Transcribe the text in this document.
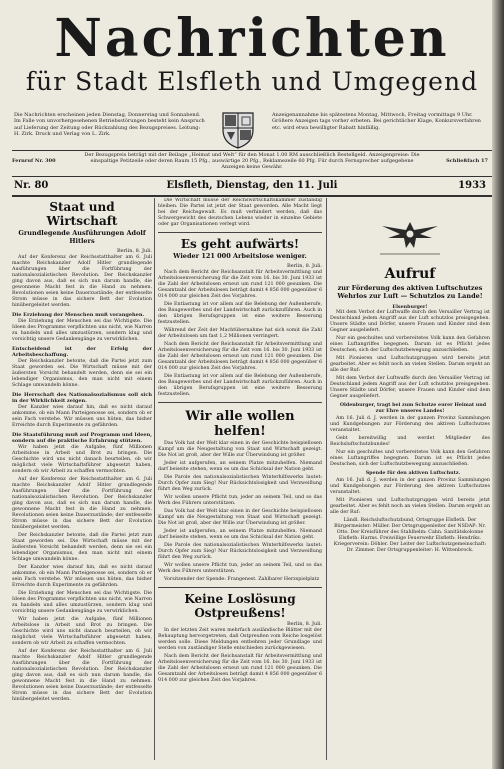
Nachrichten
für Stadt Elsfleth und Umgegend
Die Nachrichten erscheinen jeden Dienstag, Donnerstag und Sonnabend. Im Falle von unvorhergesehenen Betriebsstörungen besteht kein Anspruch auf Lieferung der Zeitung oder Rückzahlung des Bezugspreises. Leitung: H. Zirk. Druck und Verlag von L. Zirk.
Anzeigenannahme bis spätestens Montag, Mittwoch, Freitag vormittags 9 Uhr. Größere Anzeigen tags vorher erbeten. Bei gerichtlicher Klage, Konkursverfahren etc. wird etwa bewilligter Rabatt hinfällig.
Fernruf Nr. 300
Der Bezugspreis beträgt mit der Beilage „Heimat und Welt“ für den Monat 1.00 RM ausschließlich Bestellgeld. Anzeigenpreise: Die einspaltige Petitzeile oder deren Raum 15 Pfg., auswärtige 20 Pfg., Reklamezeile 60 Pfg. Für durch Fernsprecher aufgegebene Anzeigen keine Gewähr.
Schließfach 17
Nr. 80	Elsfleth, Dienstag, den 11. Juli	1933
Staat und Wirtschaft
Grundlegende Ausführungen Adolf Hitlers
Berlin, 8. Juli.

Auf der Konferenz der Reichsstatthalter am 6. Juli machte Reichskanzler Adolf Hitler grundlegende Ausführungen über die Fortführung der nationalsozialistischen Revolution. Der Reichskanzler ging davon aus, daß es sich nun darum handle, die gewonnene Macht fest in die Hand zu nehmen. Revolutionen seien keine Dauerzustände; der entfesselte Strom müsse in das sichere Bett der Evolution hinübergeleitet werden.

Die Erziehung der Menschen muß vorangehen.

Die Erziehung der Menschen sei das Wichtigste. Die Ideen des Programms verpflichten uns nicht, wie Narren zu handeln und alles umzustürzen, sondern klug und vorsichtig unsere Gedankengänge zu verwirklichen.

Entscheidend ist der Erfolg der Arbeitsbeschaffung.

Der Reichskanzler betonte, daß die Partei jetzt zum Staat geworden sei. Die Wirtschaft müsse mit der äußersten Vorsicht behandelt werden, denn sie sei ein lebendiger Organismus, den man nicht mit einem Schlage umwandeln könne.

Die Herrschaft des Nationalsozialismus soll sich in der Wirklichkeit zeigen.

Der Kanzler wies darauf hin, daß es nicht darauf ankomme, ob ein Mann Parteigenosse sei, sondern ob er sein Fach verstehe. Wir müssen uns hüten, das bisher Erreichte durch Experimente zu gefährden.

Die Staatsführung muß auf Programm und Ideen, sondern auf die praktische Erfahrung stützen.

Wir haben jetzt die Aufgabe, fünf Millionen Arbeitslose in Arbeit und Brot zu bringen. Die Geschichte wird uns nicht danach beurteilen, ob wir möglichst viele Wirtschaftsführer abgesetzt haben, sondern ob wir Arbeit zu schaffen vermochten.

Auf der Konferenz der Reichsstatthalter am 6. Juli machte Reichskanzler Adolf Hitler grundlegende Ausführungen über die Fortführung der nationalsozialistischen Revolution. Der Reichskanzler ging davon aus, daß es sich nun darum handle, die gewonnene Macht fest in die Hand zu nehmen. Revolutionen seien keine Dauerzustände; der entfesselte Strom müsse in das sichere Bett der Evolution hinübergeleitet werden.

Der Reichskanzler betonte, daß die Partei jetzt zum Staat geworden sei. Die Wirtschaft müsse mit der äußersten Vorsicht behandelt werden, denn sie sei ein lebendiger Organismus, den man nicht mit einem Schlage umwandeln könne.

Der Kanzler wies darauf hin, daß es nicht darauf ankomme, ob ein Mann Parteigenosse sei, sondern ob er sein Fach verstehe. Wir müssen uns hüten, das bisher Erreichte durch Experimente zu gefährden.

Die Erziehung der Menschen sei das Wichtigste. Die Ideen des Programms verpflichten uns nicht, wie Narren zu handeln und alles umzustürzen, sondern klug und vorsichtig unsere Gedankengänge zu verwirklichen.

Wir haben jetzt die Aufgabe, fünf Millionen Arbeitslose in Arbeit und Brot zu bringen. Die Geschichte wird uns nicht danach beurteilen, ob wir möglichst viele Wirtschaftsführer abgesetzt haben, sondern ob wir Arbeit zu schaffen vermochten.

Auf der Konferenz der Reichsstatthalter am 6. Juli machte Reichskanzler Adolf Hitler grundlegende Ausführungen über die Fortführung der nationalsozialistischen Revolution. Der Reichskanzler ging davon aus, daß es sich nun darum handle, die gewonnene Macht fest in die Hand zu nehmen. Revolutionen seien keine Dauerzustände; der entfesselte Strom müsse in das sichere Bett der Evolution hinübergeleitet werden.

Die Wirtschaft müsse der Reichswirtschaftskammer zuständig bleiben. Die Partei ist jetzt der Staat geworden. Alle Macht liegt bei der Reichsgewalt. Es muß verhindert werden, daß das Schwergewicht des deutschen Lebens wieder in einzelne Gebiete oder gar Organisationen verlegt wird.

Es geht aufwärts!
Wieder 121 000 Arbeitslose weniger.
Berlin, 8. Juli.

Nach dem Bericht der Reichsanstalt für Arbeitsvermittlung und Arbeitslosenversicherung für die Zeit vom 16. bis 30. Juni 1933 ist die Zahl der Arbeitslosen erneut um rund 121 000 gesunken. Die Gesamtzahl der Arbeitslosen beträgt damit 4 856 000 gegenüber 6 014 000 zur gleichen Zeit des Vorjahres.

Die Entlastung ist vor allem auf die Belebung der Außenberufe, des Baugewerbes und der Landwirtschaft zurückzuführen. Auch in den übrigen Berufsgruppen ist eine weitere Besserung festzustellen.

Während der Zeit der Machtübernahme hat sich somit die Zahl der Arbeitslosen um fast 1,2 Millionen verringert.

Nach dem Bericht der Reichsanstalt für Arbeitsvermittlung und Arbeitslosenversicherung für die Zeit vom 16. bis 30. Juni 1933 ist die Zahl der Arbeitslosen erneut um rund 121 000 gesunken. Die Gesamtzahl der Arbeitslosen beträgt damit 4 856 000 gegenüber 6 014 000 zur gleichen Zeit des Vorjahres.

Die Entlastung ist vor allem auf die Belebung der Außenberufe, des Baugewerbes und der Landwirtschaft zurückzuführen. Auch in den übrigen Berufsgruppen ist eine weitere Besserung festzustellen.

Wir alle wollen helfen!

Das Volk hat der Welt klar einen in der Geschichte beispiellosen Kampf um die Neugestaltung von Staat und Wirtschaft gezeigt. Die Not ist groß, aber der Wille zur Überwindung ist größer.

Jeder ist aufgerufen, an seinem Platze mitzuhelfen. Niemand darf beiseite stehen, wenn es um das Schicksal der Nation geht.

Die Parole des nationalsozialistischen Winterhilfswerks lautet: Durch Opfer zum Sieg! Nur Rücksichtslosigkeit und Verzweiflung führt den Weg zurück.

Wir wollen unsere Pflicht tun, jeder an seinem Teil, und so das Werk des Führers unterstützen.

Das Volk hat der Welt klar einen in der Geschichte beispiellosen Kampf um die Neugestaltung von Staat und Wirtschaft gezeigt. Die Not ist groß, aber der Wille zur Überwindung ist größer.

Jeder ist aufgerufen, an seinem Platze mitzuhelfen. Niemand darf beiseite stehen, wenn es um das Schicksal der Nation geht.

Die Parole des nationalsozialistischen Winterhilfswerks lautet: Durch Opfer zum Sieg! Nur Rücksichtslosigkeit und Verzweiflung führt den Weg zurück.

Wir wollen unsere Pflicht tun, jeder an seinem Teil, und so das Werk des Führers unterstützen.

Vorsitzender der Spende: Frangenest. Zahlbarer Herzspielplatz

Keine Loslösung Ostpreußens!
Berlin, 8. Juli.

In der letzten Zeit waren mehrfach ausländische Blätter mit der Behauptung hervorgetreten, daß Ostpreußen vom Reiche losgelöst werden solle. Diese Meldungen entbehren jeder Grundlage und werden von zuständiger Stelle entschieden zurückgewiesen.

Nach dem Bericht der Reichsanstalt für Arbeitsvermittlung und Arbeitslosenversicherung für die Zeit vom 16. bis 30. Juni 1933 ist die Zahl der Arbeitslosen erneut um rund 121 000 gesunken. Die Gesamtzahl der Arbeitslosen beträgt damit 4 856 000 gegenüber 6 014 000 zur gleichen Zeit des Vorjahres.

Aufruf
zur Förderung des aktiven Luftschutzes Wehrlos zur Luft — Schutzlos zu Lande!
Elsenburger!

Mit dem Verbot der Luftwaffe durch den Versailler Vertrag ist Deutschland jedem Angriff aus der Luft schutzlos preisgegeben. Unsere Städte und Dörfer, unsere Frauen und Kinder sind dem Gegner ausgeliefert.

Nur ein geschultes und vorbereitetes Volk kann den Gefahren eines Luftangriffes begegnen. Darum ist es Pflicht jedes Deutschen, sich der Luftschutzbewegung anzuschließen.

Mit Pionieren und Luftschutzgruppen wird bereits jetzt gearbeitet. Aber es fehlt noch an vielen Stellen. Darum ergeht an alle der Ruf:

Mit dem Verbot der Luftwaffe durch den Versailler Vertrag ist Deutschland jedem Angriff aus der Luft schutzlos preisgegeben. Unsere Städte und Dörfer, unsere Frauen und Kinder sind dem Gegner ausgeliefert.

Oldenburger, tragt bei zum Schutze eurer Heimat und zur Ehre unseres Landes!

Am 16. Juli d. J. werden in der ganzen Provinz Sammlungen und Kundgebungen zur Förderung des aktiven Luftschutzes veranstaltet.

Gebt bereitwillig und werdet Mitglieder des Reichsluftschutzbundes!

Nur ein geschultes und vorbereitetes Volk kann den Gefahren eines Luftangriffes begegnen. Darum ist es Pflicht jedes Deutschen, sich der Luftschutzbewegung anzuschließen.

Spende für den aktiven Luftschutz.

Am 16. Juli d. J. werden in der ganzen Provinz Sammlungen und Kundgebungen zur Förderung des aktiven Luftschutzes veranstaltet.

Mit Pionieren und Luftschutzgruppen wird bereits jetzt gearbeitet. Aber es fehlt noch an vielen Stellen. Darum ergeht an alle der Ruf:

Ländl. Reichsluftschutzbund, Ortsgruppe Elsfleth. Der Bürgermeister: Müller. Der Ortsgruppenleiter der NSDAP: Nr. Otto. Der Kreisführer des Stahlhelm: Cahn. Sanitätskolonne Elsfleth: Harms. Freiwillige Feuerwehr Elsfleth: Hendriks. Kriegerverein: Döhler. Der Leiter der Luftschutzgemeinschaft: Dr. Zimmer. Der Ortsgruppenleiter: H. Wittenbrock.
